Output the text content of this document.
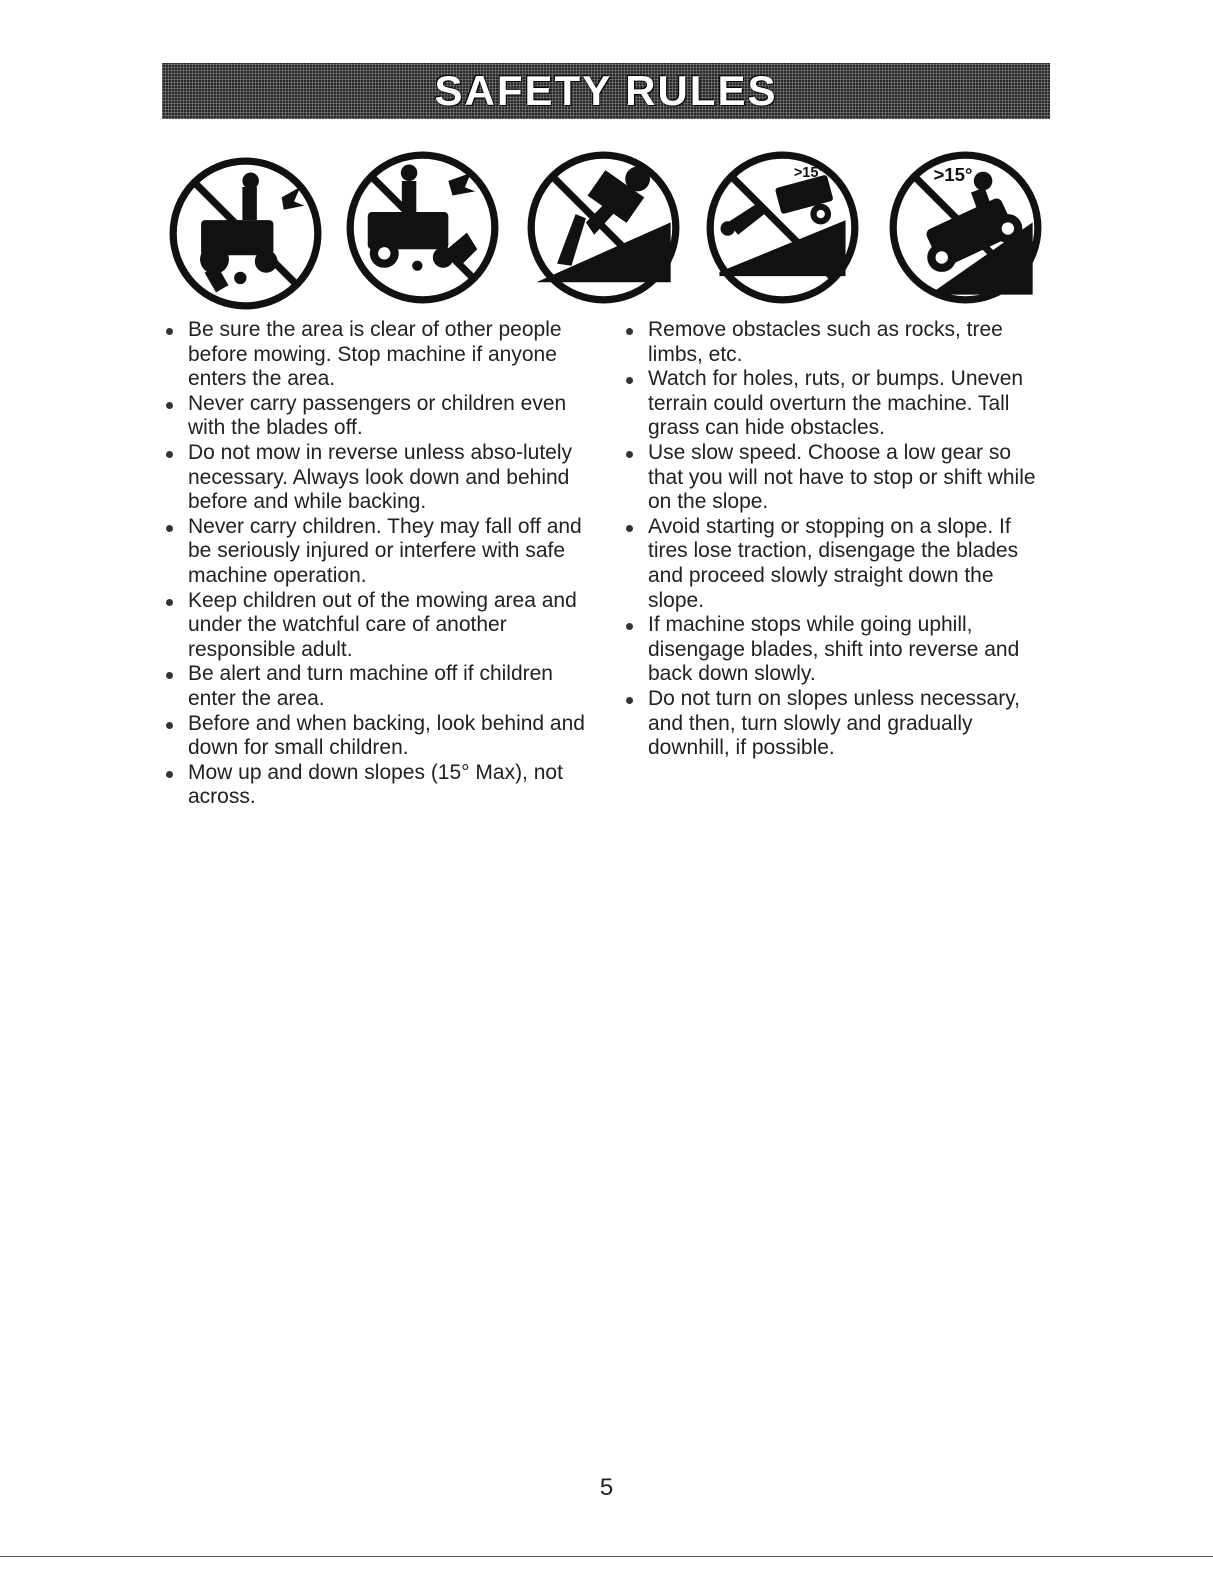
SAFETY RULES
>15°	>15°
Be sure the area is clear of other people before mowing. Stop machine if anyone enters the area.
Never carry passengers or children even with the blades off.
Do not mow in reverse unless abso-lutely necessary. Always look down and behind before and while backing.
Never carry children. They may fall off and be seriously injured or interfere with safe machine operation.
Keep children out of the mowing area and under the watchful care of another responsible adult.
Be alert and turn machine off if children enter the area.
Before and when backing, look behind and down for small children.
Mow up and down slopes (15° Max), not across.
Remove obstacles such as rocks, tree limbs, etc.
Watch for holes, ruts, or bumps. Uneven terrain could overturn the machine. Tall grass can hide obstacles.
Use slow speed. Choose a low gear so that you will not have to stop or shift while on the slope.
Avoid starting or stopping on a slope. If tires lose traction, disengage the blades and proceed slowly straight down the slope.
If machine stops while going uphill, disengage blades, shift into reverse and back down slowly.
Do not turn on slopes unless necessary, and then, turn slowly and gradually downhill, if possible.
5
